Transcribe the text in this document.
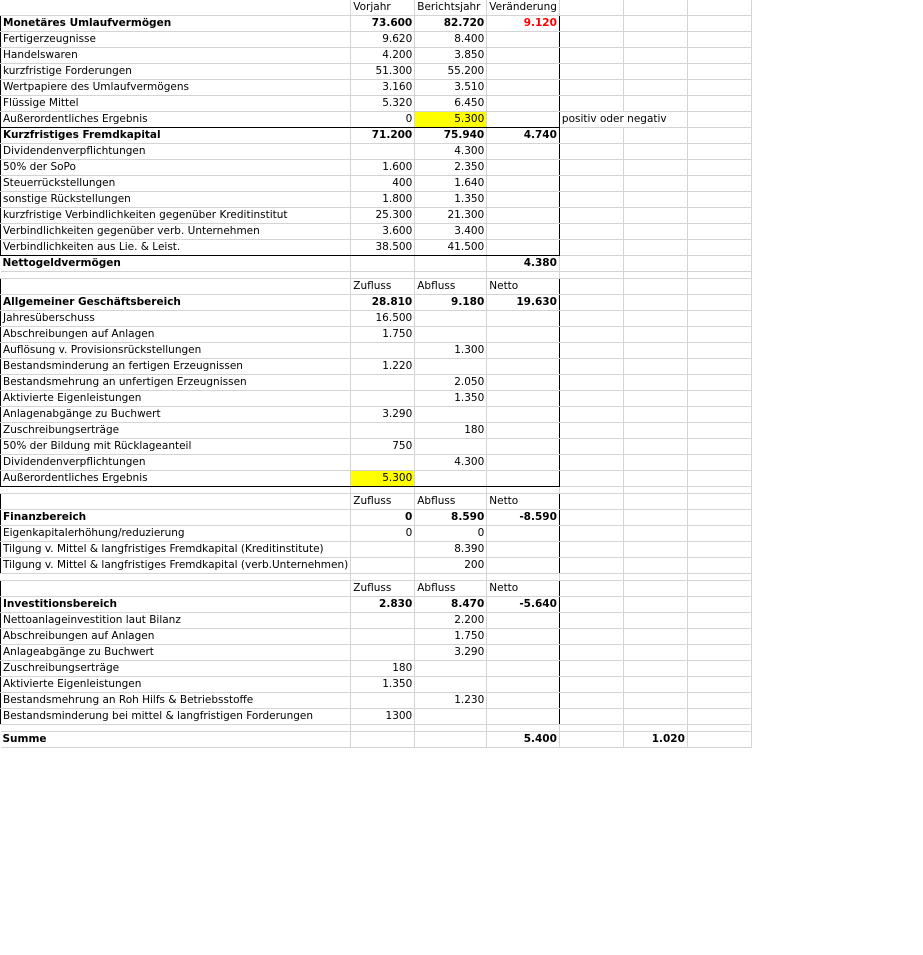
	Vorjahr	Berichtsjahr	Veränderung			
Monetäres Umlaufvermögen	73.600	82.720	9.120			
Fertigerzeugnisse	9.620	8.400				
Handelswaren	4.200	3.850				
kurzfristige Forderungen	51.300	55.200				
Wertpapiere des Umlaufvermögens	3.160	3.510				
Flüssige Mittel	5.320	6.450				
Außerordentliches Ergebnis	0	5.300		positiv oder negativ		
Kurzfristiges Fremdkapital	71.200	75.940	4.740			
Dividendenverpflichtungen		4.300				
50% der SoPo	1.600	2.350				
Steuerrückstellungen	400	1.640				
sonstige Rückstellungen	1.800	1.350				
kurzfristige Verbindlichkeiten gegenüber Kreditinstitut	25.300	21.300				
Verbindlichkeiten gegenüber verb. Unternehmen	3.600	3.400				
Verbindlichkeiten aus Lie. & Leist.	38.500	41.500				
Nettogeldvermögen			4.380			

	Zufluss	Abfluss	Netto			
Allgemeiner Geschäftsbereich	28.810	9.180	19.630			
Jahresüberschuss	16.500					
Abschreibungen auf Anlagen	1.750					
Auflösung v. Provisionsrückstellungen		1.300				
Bestandsminderung an fertigen Erzeugnissen	1.220					
Bestandsmehrung an unfertigen Erzeugnissen		2.050				
Aktivierte Eigenleistungen		1.350				
Anlagenabgänge zu Buchwert	3.290					
Zuschreibungserträge		180				
50% der Bildung mit Rücklageanteil	750					
Dividendenverpflichtungen		4.300				
Außerordentliches Ergebnis	5.300					

	Zufluss	Abfluss	Netto			
Finanzbereich	0	8.590	-8.590			
Eigenkapitalerhöhung/reduzierung	0	0				
Tilgung v. Mittel & langfristiges Fremdkapital (Kreditinstitute)		8.390				
Tilgung v. Mittel & langfristiges Fremdkapital (verb.Unternehmen)		200				

	Zufluss	Abfluss	Netto			
Investitionsbereich	2.830	8.470	-5.640			
Nettoanlageinvestition laut Bilanz		2.200				
Abschreibungen auf Anlagen		1.750				
Anlageabgänge zu Buchwert		3.290				
Zuschreibungserträge	180					
Aktivierte Eigenleistungen	1.350					
Bestandsmehrung an Roh Hilfs & Betriebsstoffe		1.230				
Bestandsminderung bei mittel & langfristigen Forderungen	1300					

Summe			5.400		1.020	
